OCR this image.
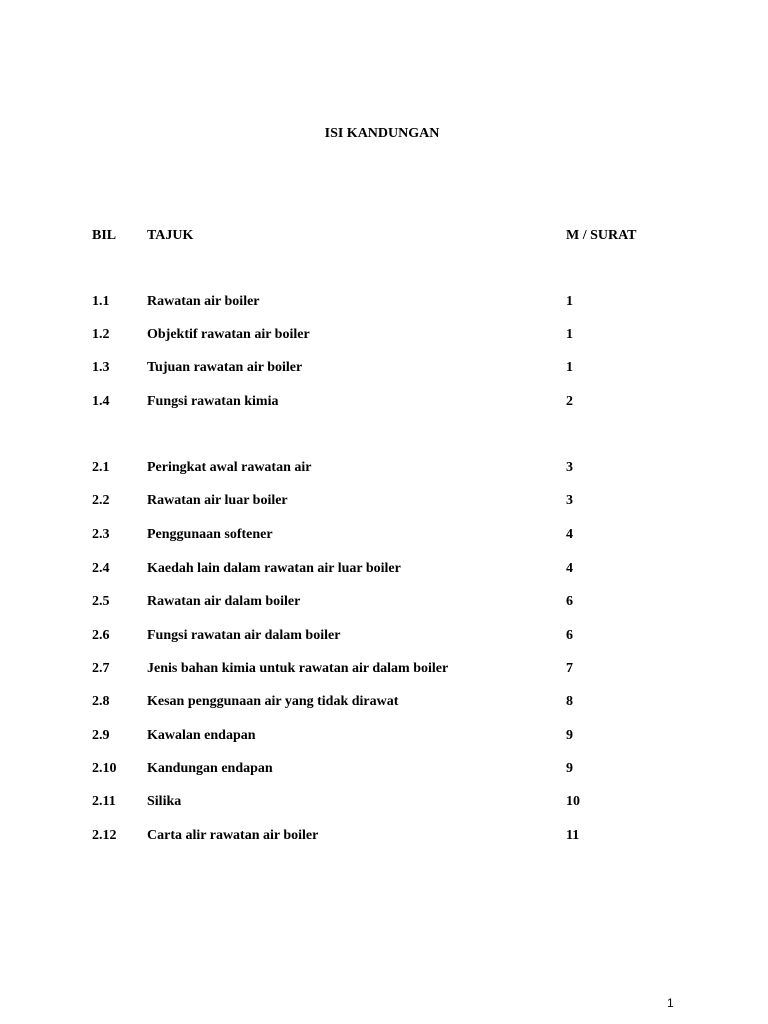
ISI KANDUNGAN
BIL TAJUK	M / SURAT
1.1	Rawatan air boiler	1
1.2	Objektif rawatan air boiler	1
1.3	Tujuan rawatan air boiler	1
1.4	Fungsi rawatan kimia	2
2.1	Peringkat awal rawatan air	3
2.2	Rawatan air luar boiler	3
2.3	Penggunaan softener	4
2.4	Kaedah lain dalam rawatan air luar boiler	4
2.5	Rawatan air dalam boiler	6
2.6	Fungsi rawatan air dalam boiler	6
2.7	Jenis bahan kimia untuk rawatan air dalam boiler	7
2.8	Kesan penggunaan air yang tidak dirawat	8
2.9	Kawalan endapan	9
2.10 Kandungan endapan	9
2.11 Silika	10
2.12 Carta alir rawatan air boiler	11
1
